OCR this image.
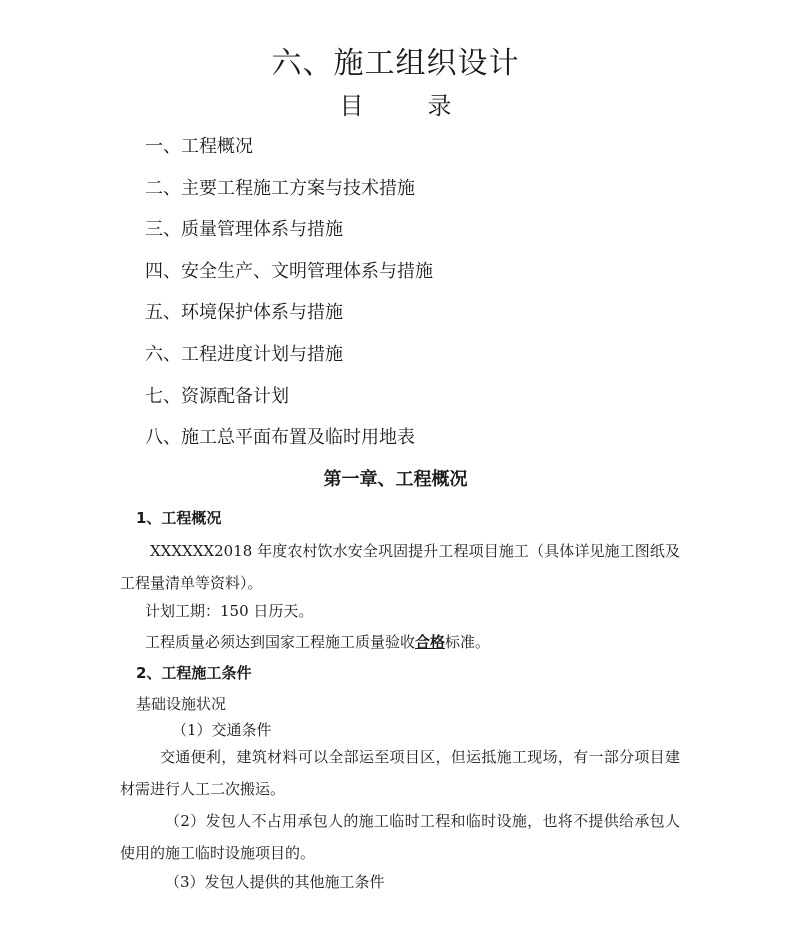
六、施工组织设计
目　录
一、工程概况
二、主要工程施工方案与技术措施
三、质量管理体系与措施
四、安全生产、文明管理体系与措施
五、环境保护体系与措施
六、工程进度计划与措施
七、资源配备计划
八、施工总平面布置及临时用地表
第一章、工程概况
1、工程概况

XXXXXX2018 年度农村饮水安全巩固提升工程项目施工（具体详见施工图纸及工程量清单等资料）。

计划工期：150 日历天。

工程质量必须达到国家工程施工质量验收合格标准。

2、工程施工条件

基础设施状况

（1）交通条件

交通便利，建筑材料可以全部运至项目区，但运抵施工现场，有一部分项目建材需进行人工二次搬运。

（2）发包人不占用承包人的施工临时工程和临时设施，也将不提供给承包人使用的施工临时设施项目的。

（3）发包人提供的其他施工条件
